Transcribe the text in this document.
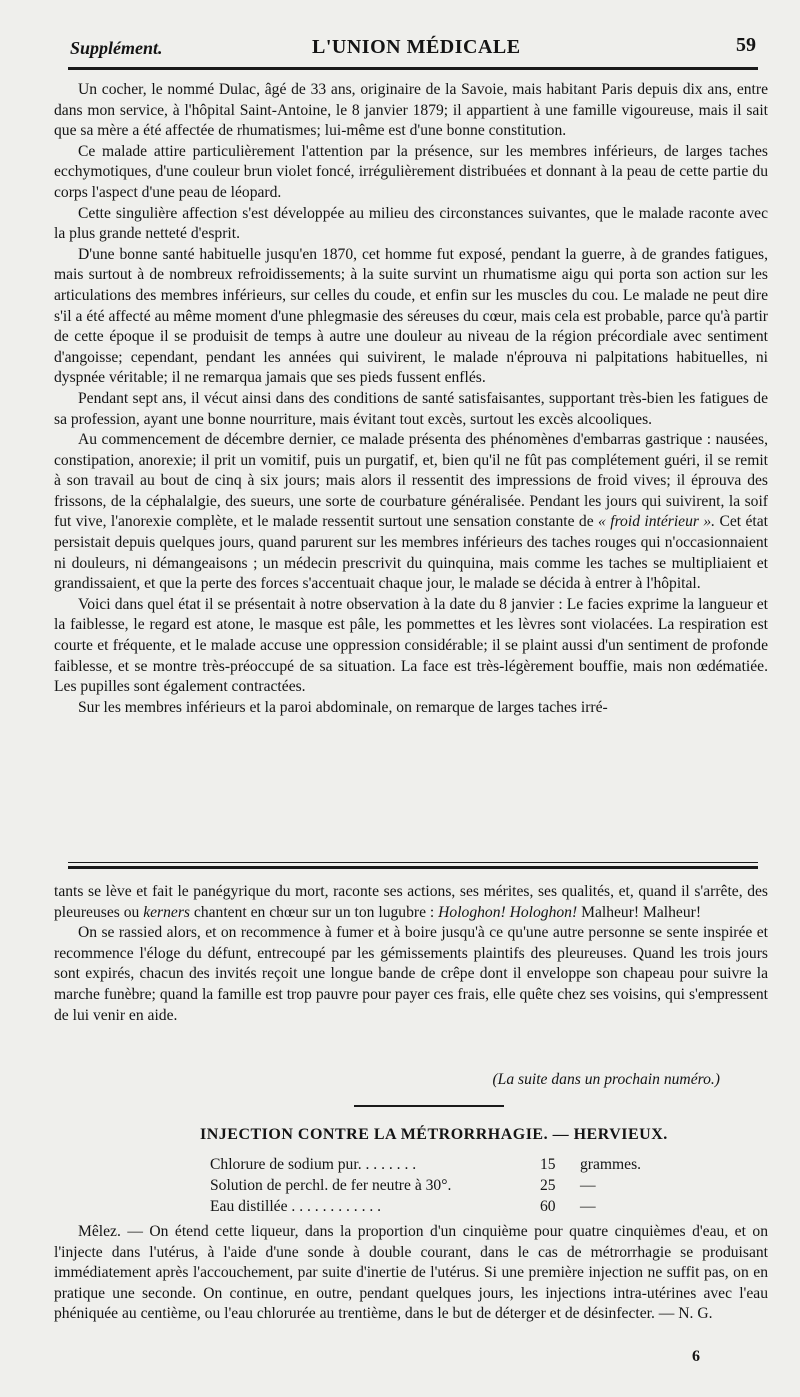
Supplément.	L'UNION MÉDICALE	59

Un cocher, le nommé Dulac, âgé de 33 ans, originaire de la Savoie, mais habitant Paris depuis dix ans, entre dans mon service, à l'hôpital Saint-Antoine, le 8 janvier 1879; il appartient à une famille vigoureuse, mais il sait que sa mère a été affectée de rhumatismes; lui-même est d'une bonne constitution.

Ce malade attire particulièrement l'attention par la présence, sur les membres inférieurs, de larges taches ecchymotiques, d'une couleur brun violet foncé, irrégulièrement distribuées et donnant à la peau de cette partie du corps l'aspect d'une peau de léopard.

Cette singulière affection s'est développée au milieu des circonstances suivantes, que le malade raconte avec la plus grande netteté d'esprit.

D'une bonne santé habituelle jusqu'en 1870, cet homme fut exposé, pendant la guerre, à de grandes fatigues, mais surtout à de nombreux refroidissements; à la suite survint un rhumatisme aigu qui porta son action sur les articulations des membres inférieurs, sur celles du coude, et enfin sur les muscles du cou. Le malade ne peut dire s'il a été affecté au même moment d'une phlegmasie des séreuses du cœur, mais cela est probable, parce qu'à partir de cette époque il se produisit de temps à autre une douleur au niveau de la région précordiale avec sentiment d'angoisse; cependant, pendant les années qui suivirent, le malade n'éprouva ni palpitations habituelles, ni dyspnée véritable; il ne remarqua jamais que ses pieds fussent enflés.

Pendant sept ans, il vécut ainsi dans des conditions de santé satisfaisantes, supportant très-bien les fatigues de sa profession, ayant une bonne nourriture, mais évitant tout excès, surtout les excès alcooliques.

Au commencement de décembre dernier, ce malade présenta des phénomènes d'embarras gastrique : nausées, constipation, anorexie; il prit un vomitif, puis un purgatif, et, bien qu'il ne fût pas complétement guéri, il se remit à son travail au bout de cinq à six jours; mais alors il ressentit des impressions de froid vives; il éprouva des frissons, de la céphalalgie, des sueurs, une sorte de courbature généralisée. Pendant les jours qui suivirent, la soif fut vive, l'anorexie complète, et le malade ressentit surtout une sensation constante de « froid intérieur ». Cet état persistait depuis quelques jours, quand parurent sur les membres inférieurs des taches rouges qui n'occasionnaient ni douleurs, ni démangeaisons ; un médecin prescrivit du quinquina, mais comme les taches se multipliaient et grandissaient, et que la perte des forces s'accentuait chaque jour, le malade se décida à entrer à l'hôpital.

Voici dans quel état il se présentait à notre observation à la date du 8 janvier : Le facies exprime la langueur et la faiblesse, le regard est atone, le masque est pâle, les pommettes et les lèvres sont violacées. La respiration est courte et fréquente, et le malade accuse une oppression considérable; il se plaint aussi d'un sentiment de profonde faiblesse, et se montre très-préoccupé de sa situation. La face est très-légèrement bouffie, mais non œdématiée. Les pupilles sont également contractées.

Sur les membres inférieurs et la paroi abdominale, on remarque de larges taches irré-

tants se lève et fait le panégyrique du mort, raconte ses actions, ses mérites, ses qualités, et, quand il s'arrête, des pleureuses ou kerners chantent en chœur sur un ton lugubre : Hologhon! Hologhon! Malheur! Malheur!

On se rassied alors, et on recommence à fumer et à boire jusqu'à ce qu'une autre personne se sente inspirée et recommence l'éloge du défunt, entrecoupé par les gémissements plaintifs des pleureuses. Quand les trois jours sont expirés, chacun des invités reçoit une longue bande de crêpe dont il enveloppe son chapeau pour suivre la marche funèbre; quand la famille est trop pauvre pour payer ces frais, elle quête chez ses voisins, qui s'empressent de lui venir en aide.

(La suite dans un prochain numéro.)
INJECTION CONTRE LA MÉTRORRHAGIE. — HERVIEUX.
Chlorure de sodium pur. . . . . . . .	15 grammes.
Solution de perchl. de fer neutre à 30°.	25 —
Eau distillée . . . . . . . . . . . .	60 —

Mêlez. — On étend cette liqueur, dans la proportion d'un cinquième pour quatre cinquièmes d'eau, et on l'injecte dans l'utérus, à l'aide d'une sonde à double courant, dans le cas de métrorrhagie se produisant immédiatement après l'accouchement, par suite d'inertie de l'utérus. Si une première injection ne suffit pas, on en pratique une seconde. On continue, en outre, pendant quelques jours, les injections intra-utérines avec l'eau phéniquée au centième, ou l'eau chlorurée au trentième, dans le but de déterger et de désinfecter. — N. G.

6
